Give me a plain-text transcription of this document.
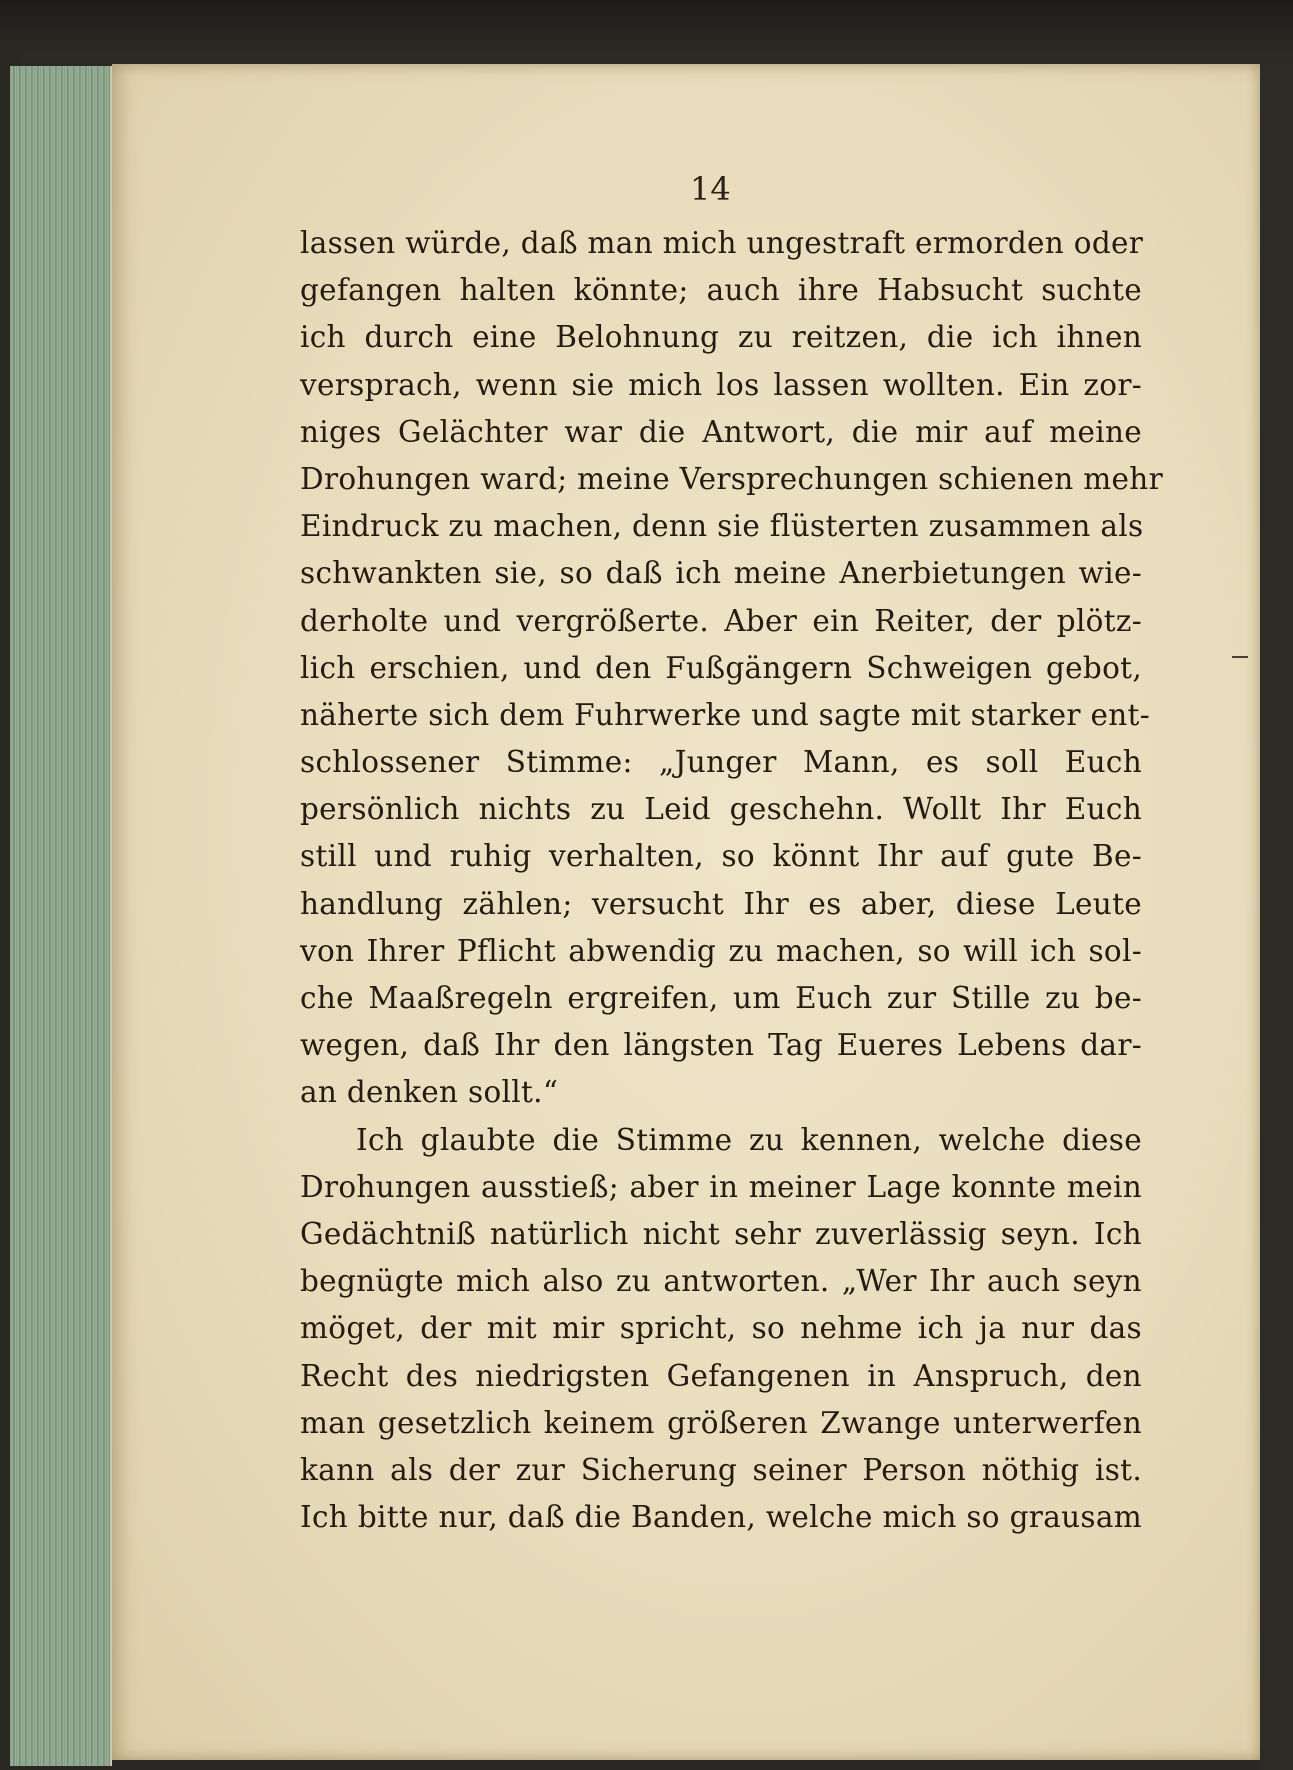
14
lassen würde, daß man mich ungestraft ermorden oder
gefangen halten könnte; auch ihre Habsucht suchte
ich durch eine Belohnung zu reitzen, die ich ihnen
versprach, wenn sie mich los lassen wollten. Ein zor-
niges Gelächter war die Antwort, die mir auf meine
Drohungen ward; meine Versprechungen schienen mehr
Eindruck zu machen, denn sie flüsterten zusammen als
schwankten sie, so daß ich meine Anerbietungen wie-
derholte und vergrößerte. Aber ein Reiter, der plötz-
lich erschien, und den Fußgängern Schweigen gebot,
näherte sich dem Fuhrwerke und sagte mit starker ent-
schlossener Stimme: „Junger Mann, es soll Euch
persönlich nichts zu Leid geschehn. Wollt Ihr Euch
still und ruhig verhalten, so könnt Ihr auf gute Be-
handlung zählen; versucht Ihr es aber, diese Leute
von Ihrer Pflicht abwendig zu machen, so will ich sol-
che Maaßregeln ergreifen, um Euch zur Stille zu be-
wegen, daß Ihr den längsten Tag Eueres Lebens dar-
an denken sollt.“
Ich glaubte die Stimme zu kennen, welche diese
Drohungen ausstieß; aber in meiner Lage konnte mein
Gedächtniß natürlich nicht sehr zuverlässig seyn. Ich
begnügte mich also zu antworten. „Wer Ihr auch seyn
möget, der mit mir spricht, so nehme ich ja nur das
Recht des niedrigsten Gefangenen in Anspruch, den
man gesetzlich keinem größeren Zwange unterwerfen
kann als der zur Sicherung seiner Person nöthig ist.
Ich bitte nur, daß die Banden, welche mich so grausam
